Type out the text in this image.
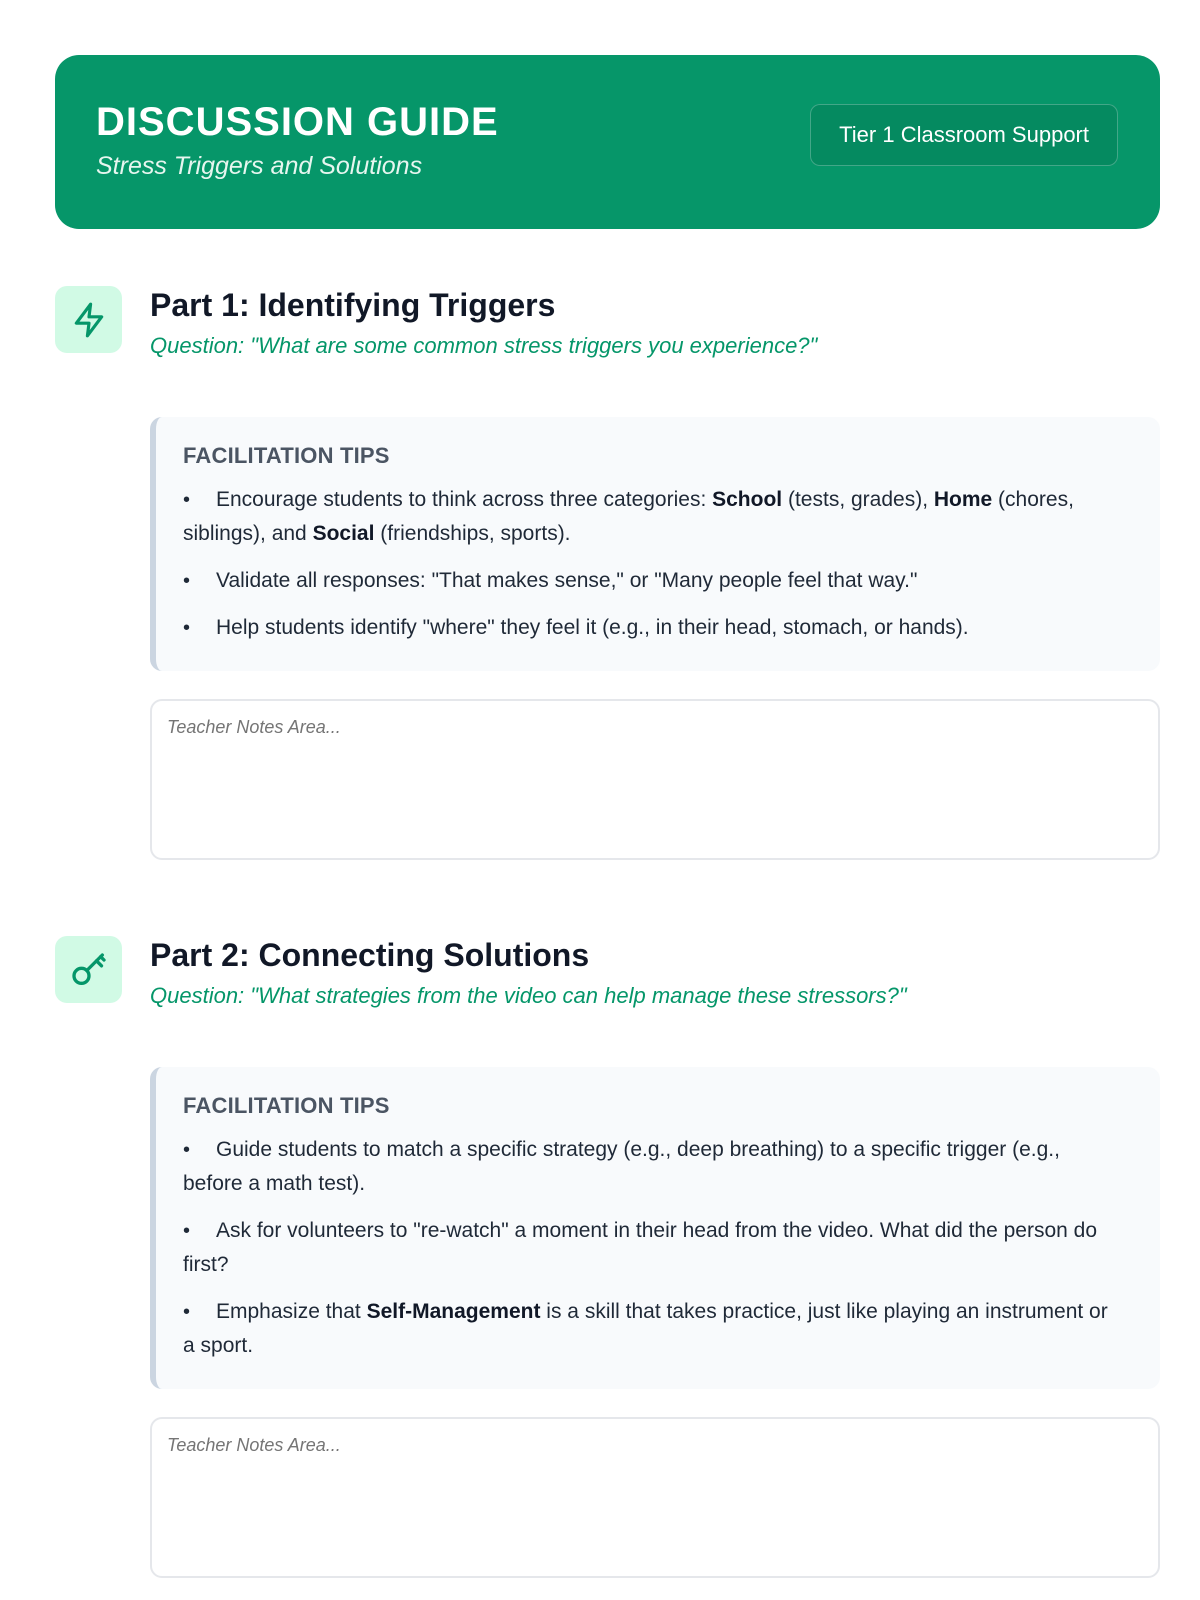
DISCUSSION GUIDE
Stress Triggers and Solutions
Tier 1 Classroom Support
Part 1: Identifying Triggers
Question: "What are some common stress triggers you experience?"
FACILITATION TIPS
• Encourage students to think across three categories: School (tests, grades), Home (chores, siblings), and Social (friendships, sports).
• Validate all responses: "That makes sense," or "Many people feel that way."
• Help students identify "where" they feel it (e.g., in their head, stomach, or hands).
Teacher Notes Area...
Part 2: Connecting Solutions
Question: "What strategies from the video can help manage these stressors?"
FACILITATION TIPS
• Guide students to match a specific strategy (e.g., deep breathing) to a specific trigger (e.g., before a math test).
• Ask for volunteers to "re-watch" a moment in their head from the video. What did the person do first?
• Emphasize that Self-Management is a skill that takes practice, just like playing an instrument or a sport.
Teacher Notes Area...
